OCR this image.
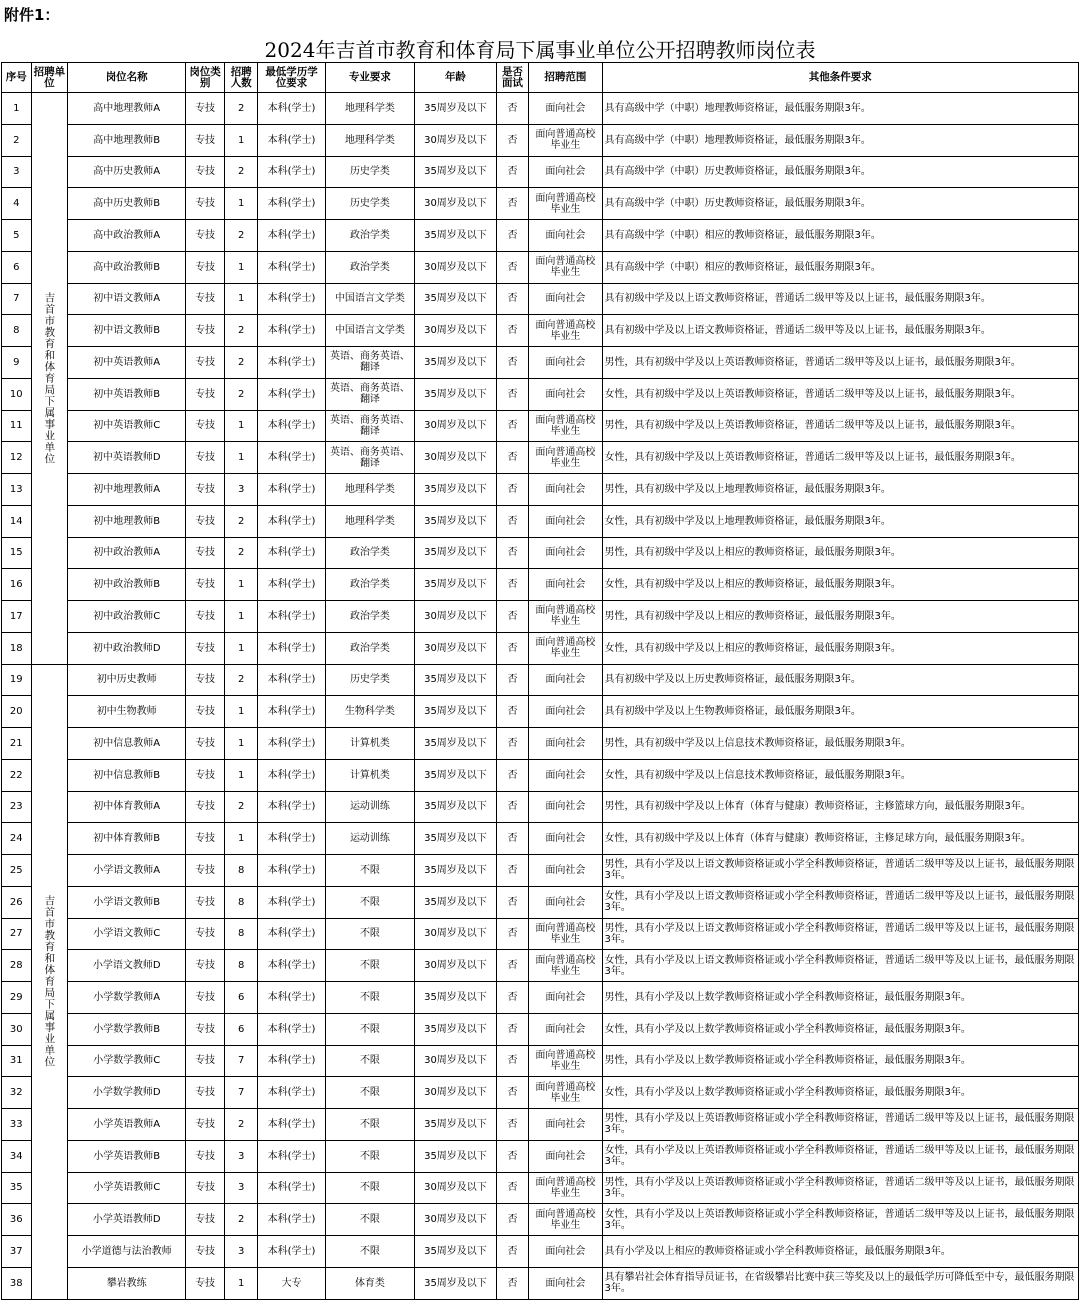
附件1：
2024年吉首市教育和体育局下属事业单位公开招聘教师岗位表
序号	招聘单位	岗位名称	岗位类别	招聘人数	最低学历学位要求	专业要求	年龄	是否面试	招聘范围	其他条件要求
1	吉首市教育和体育局下属事业单位	高中地理教师A	专技	2	本科(学士)	地理科学类	35周岁及以下	否	面向社会	具有高级中学（中职）地理教师资格证，最低服务期限3年。
2		高中地理教师B	专技	1	本科(学士)	地理科学类	30周岁及以下	否	面向普通高校毕业生	具有高级中学（中职）地理教师资格证，最低服务期限3年。
3		高中历史教师A	专技	2	本科(学士)	历史学类	35周岁及以下	否	面向社会	具有高级中学（中职）历史教师资格证，最低服务期限3年。
4		高中历史教师B	专技	1	本科(学士)	历史学类	30周岁及以下	否	面向普通高校毕业生	具有高级中学（中职）历史教师资格证，最低服务期限3年。
5		高中政治教师A	专技	2	本科(学士)	政治学类	35周岁及以下	否	面向社会	具有高级中学（中职）相应的教师资格证，最低服务期限3年。
6		高中政治教师B	专技	1	本科(学士)	政治学类	30周岁及以下	否	面向普通高校毕业生	具有高级中学（中职）相应的教师资格证，最低服务期限3年。
7		初中语文教师A	专技	1	本科(学士)	中国语言文学类	35周岁及以下	否	面向社会	具有初级中学及以上语文教师资格证，普通话二级甲等及以上证书，最低服务期限3年。
8		初中语文教师B	专技	2	本科(学士)	中国语言文学类	30周岁及以下	否	面向普通高校毕业生	具有初级中学及以上语文教师资格证，普通话二级甲等及以上证书，最低服务期限3年。
9		初中英语教师A	专技	2	本科(学士)	英语、商务英语、翻译	35周岁及以下	否	面向社会	男性，具有初级中学及以上英语教师资格证，普通话二级甲等及以上证书，最低服务期限3年。
10		初中英语教师B	专技	2	本科(学士)	英语、商务英语、翻译	35周岁及以下	否	面向社会	女性，具有初级中学及以上英语教师资格证，普通话二级甲等及以上证书，最低服务期限3年。
11		初中英语教师C	专技	1	本科(学士)	英语、商务英语、翻译	30周岁及以下	否	面向普通高校毕业生	男性，具有初级中学及以上英语教师资格证，普通话二级甲等及以上证书，最低服务期限3年。
12		初中英语教师D	专技	1	本科(学士)	英语、商务英语、翻译	30周岁及以下	否	面向普通高校毕业生	女性，具有初级中学及以上英语教师资格证，普通话二级甲等及以上证书，最低服务期限3年。
13		初中地理教师A	专技	3	本科(学士)	地理科学类	35周岁及以下	否	面向社会	男性，具有初级中学及以上地理教师资格证，最低服务期限3年。
14		初中地理教师B	专技	2	本科(学士)	地理科学类	35周岁及以下	否	面向社会	女性，具有初级中学及以上地理教师资格证，最低服务期限3年。
15		初中政治教师A	专技	2	本科(学士)	政治学类	35周岁及以下	否	面向社会	男性，具有初级中学及以上相应的教师资格证，最低服务期限3年。
16		初中政治教师B	专技	1	本科(学士)	政治学类	35周岁及以下	否	面向社会	女性，具有初级中学及以上相应的教师资格证，最低服务期限3年。
17		初中政治教师C	专技	1	本科(学士)	政治学类	30周岁及以下	否	面向普通高校毕业生	男性，具有初级中学及以上相应的教师资格证，最低服务期限3年。
18		初中政治教师D	专技	1	本科(学士)	政治学类	30周岁及以下	否	面向普通高校毕业生	女性，具有初级中学及以上相应的教师资格证，最低服务期限3年。
19	吉首市教育和体育局下属事业单位	初中历史教师	专技	2	本科(学士)	历史学类	35周岁及以下	否	面向社会	具有初级中学及以上历史教师资格证，最低服务期限3年。
20		初中生物教师	专技	1	本科(学士)	生物科学类	35周岁及以下	否	面向社会	具有初级中学及以上生物教师资格证，最低服务期限3年。
21		初中信息教师A	专技	1	本科(学士)	计算机类	35周岁及以下	否	面向社会	男性，具有初级中学及以上信息技术教师资格证，最低服务期限3年。
22		初中信息教师B	专技	1	本科(学士)	计算机类	35周岁及以下	否	面向社会	女性，具有初级中学及以上信息技术教师资格证，最低服务期限3年。
23		初中体育教师A	专技	2	本科(学士)	运动训练	35周岁及以下	否	面向社会	男性，具有初级中学及以上体育（体育与健康）教师资格证，主修篮球方向，最低服务期限3年。
24		初中体育教师B	专技	1	本科(学士)	运动训练	35周岁及以下	否	面向社会	女性，具有初级中学及以上体育（体育与健康）教师资格证，主修足球方向，最低服务期限3年。
25		小学语文教师A	专技	8	本科(学士)	不限	35周岁及以下	否	面向社会	男性，具有小学及以上语文教师资格证或小学全科教师资格证，普通话二级甲等及以上证书，最低服务期限3年。
26		小学语文教师B	专技	8	本科(学士)	不限	35周岁及以下	否	面向社会	女性，具有小学及以上语文教师资格证或小学全科教师资格证，普通话二级甲等及以上证书，最低服务期限3年。
27		小学语文教师C	专技	8	本科(学士)	不限	30周岁及以下	否	面向普通高校毕业生	男性，具有小学及以上语文教师资格证或小学全科教师资格证，普通话二级甲等及以上证书，最低服务期限3年。
28		小学语文教师D	专技	8	本科(学士)	不限	30周岁及以下	否	面向普通高校毕业生	女性，具有小学及以上语文教师资格证或小学全科教师资格证，普通话二级甲等及以上证书，最低服务期限3年。
29		小学数学教师A	专技	6	本科(学士)	不限	35周岁及以下	否	面向社会	男性，具有小学及以上数学教师资格证或小学全科教师资格证，最低服务期限3年。
30		小学数学教师B	专技	6	本科(学士)	不限	35周岁及以下	否	面向社会	女性，具有小学及以上数学教师资格证或小学全科教师资格证，最低服务期限3年。
31		小学数学教师C	专技	7	本科(学士)	不限	30周岁及以下	否	面向普通高校毕业生	男性，具有小学及以上数学教师资格证或小学全科教师资格证，最低服务期限3年。
32		小学数学教师D	专技	7	本科(学士)	不限	30周岁及以下	否	面向普通高校毕业生	女性，具有小学及以上数学教师资格证或小学全科教师资格证，最低服务期限3年。
33		小学英语教师A	专技	2	本科(学士)	不限	35周岁及以下	否	面向社会	男性，具有小学及以上英语教师资格证或小学全科教师资格证，普通话二级甲等及以上证书，最低服务期限3年。
34		小学英语教师B	专技	3	本科(学士)	不限	35周岁及以下	否	面向社会	女性，具有小学及以上英语教师资格证或小学全科教师资格证，普通话二级甲等及以上证书，最低服务期限3年。
35		小学英语教师C	专技	3	本科(学士)	不限	30周岁及以下	否	面向普通高校毕业生	男性，具有小学及以上英语教师资格证或小学全科教师资格证，普通话二级甲等及以上证书，最低服务期限3年。
36		小学英语教师D	专技	2	本科(学士)	不限	30周岁及以下	否	面向普通高校毕业生	女性，具有小学及以上英语教师资格证或小学全科教师资格证，普通话二级甲等及以上证书，最低服务期限3年。
37		小学道德与法治教师	专技	3	本科(学士)	不限	35周岁及以下	否	面向社会	具有小学及以上相应的教师资格证或小学全科教师资格证，最低服务期限3年。
38		攀岩教练	专技	1	大专	体育类	35周岁及以下	否	面向社会	具有攀岩社会体育指导员证书，在省级攀岩比赛中获三等奖及以上的最低学历可降低至中专，最低服务期限3年。
